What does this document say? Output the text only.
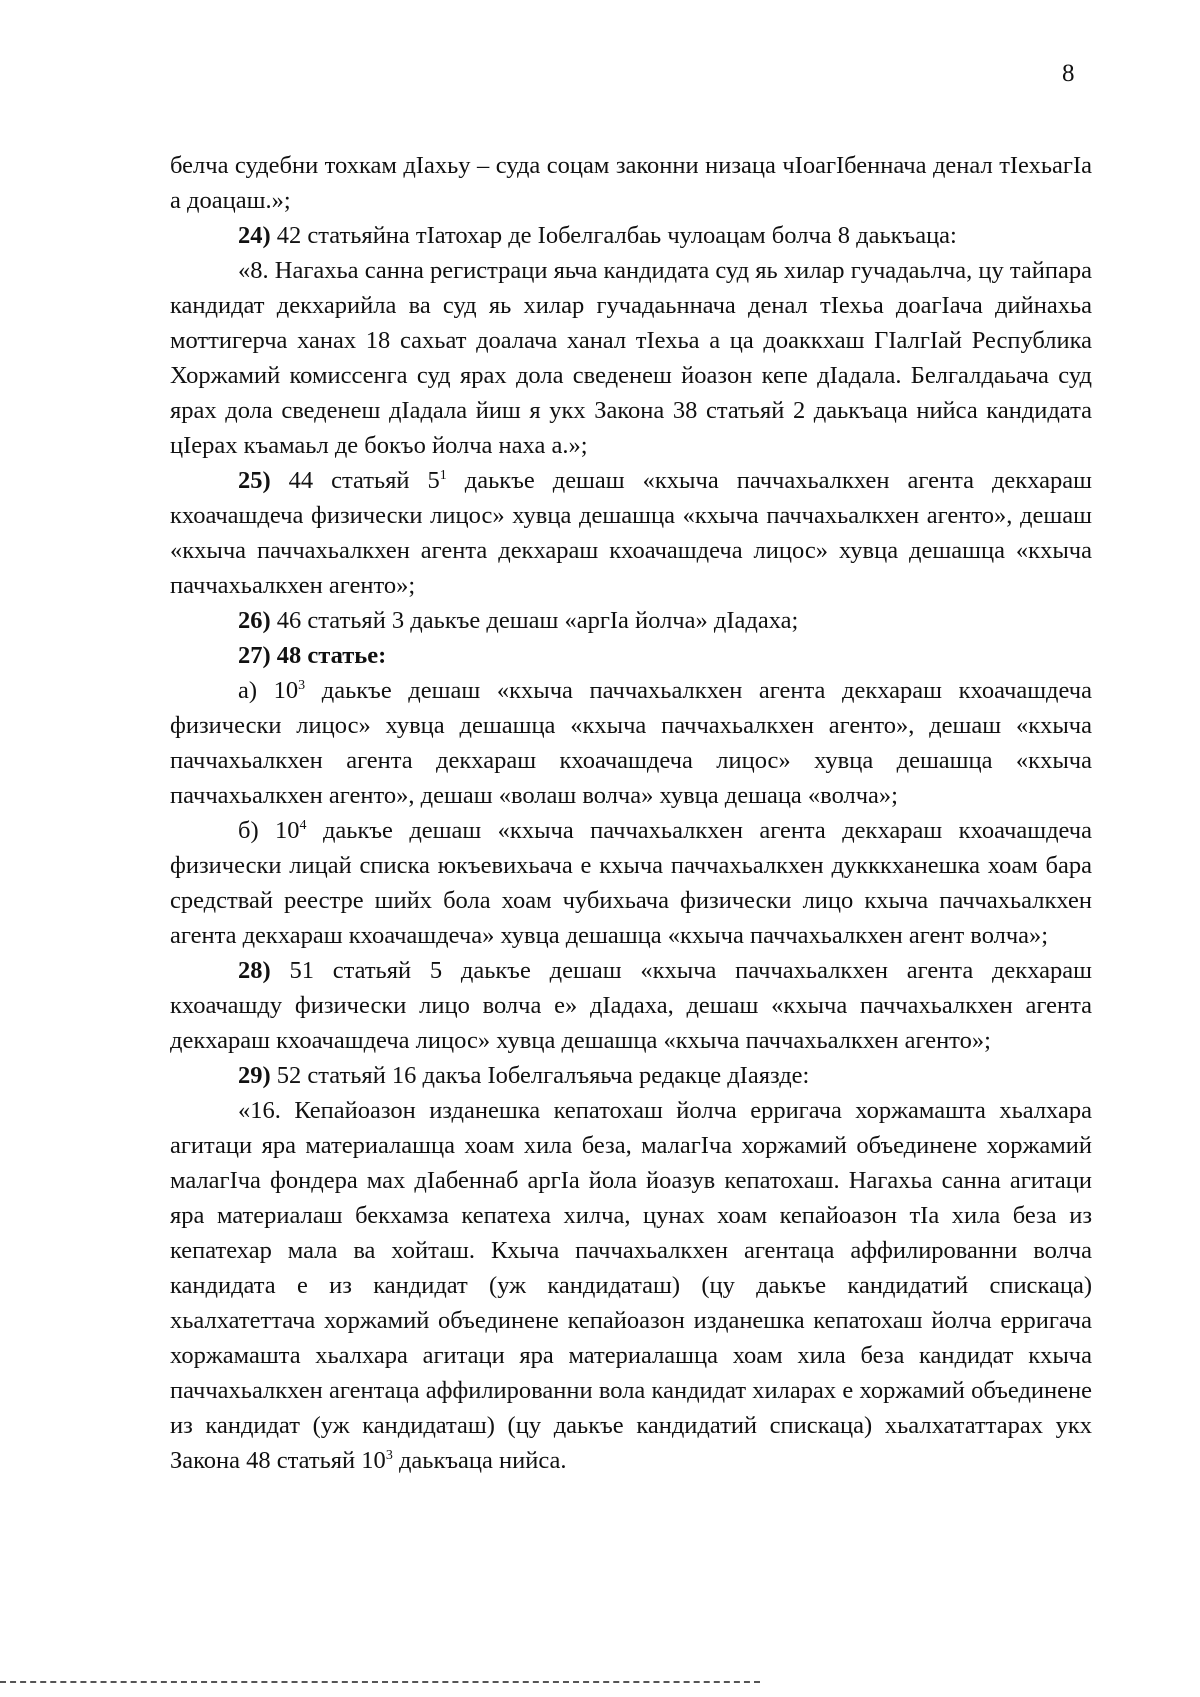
8

белча судебни тохкам дІахьу – суда соцам законни низаца чІоагІбеннача денал тІехьагІа а доацаш.»;

24) 42 статьяйна тІатохар де Іобелгалбаь чулоацам болча 8 даькъаца:

«8. Нагахьа санна регистраци яьча кандидата суд яь хилар гучадаьлча, цу тайпара кандидат декхарийла ва суд яь хилар гучадаьннача денал тІехьа доагІача дийнахьа моттигерча ханах 18 сахьат доалача ханал тІехьа а ца доаккхаш ГІалгІай Республика Хоржамий комиссенга суд ярах дола сведенеш йоазон кепе дІадала. Белгалдаьача суд ярах дола сведенеш дІадала йиш я укх Закона 38 статьяй 2 даькъаца нийса кандидата цІерах къамаьл де бокъо йолча наха а.»;

25) 44 статьяй $5^1$ даькъе дешаш «кхыча паччахьалкхен агента декхараш кхоачашдеча физически лицос» хувца дешашца «кхыча паччахьалкхен агенто», дешаш «кхыча паччахьалкхен агента декхараш кхоачашдеча лицос» хувца дешашца «кхыча паччахьалкхен агенто»;

26) 46 статьяй 3 даькъе дешаш «аргІа йолча» дІадаха;

27) 48 статье:

а) $10^3$ даькъе дешаш «кхыча паччахьалкхен агента декхараш кхоачашдеча физически лицос» хувца дешашца «кхыча паччахьалкхен агенто», дешаш «кхыча паччахьалкхен агента декхараш кхоачашдеча лицос» хувца дешашца «кхыча паччахьалкхен агенто», дешаш «волаш волча» хувца дешаца «волча»;

б) $10^4$ даькъе дешаш «кхыча паччахьалкхен агента декхараш кхоачашдеча физически лицай списка юкъевихьача е кхыча паччахьалкхен дукккханешка хоам бара средствай реестре шийх бола хоам чубихьача физически лицо кхыча паччахьалкхен агента декхараш кхоачашдеча» хувца дешашца «кхыча паччахьалкхен агент волча»;

28) 51 статьяй 5 даькъе дешаш «кхыча паччахьалкхен агента декхараш кхоачашду физически лицо волча е» дІадаха, дешаш «кхыча паччахьалкхен агента декхараш кхоачашдеча лицос» хувца дешашца «кхыча паччахьалкхен агенто»;

29) 52 статьяй 16 дакъа Іобелгалъяьча редакце дІаязде:

«16. Кепайоазон изданешка кепатохаш йолча ерригача хоржамашта хьалхара агитаци яра материалашца хоам хила беза, малагІча хоржамий объединене хоржамий малагІча фондера мах дІабеннаб аргІа йола йоазув кепатохаш. Нагахьа санна агитаци яра материалаш бекхамза кепатеха хилча, цунах хоам кепайоазон тІа хила беза из кепатехар мала ва хойташ. Кхыча паччахьалкхен агентаца аффилированни волча кандидата е из кандидат (уж кандидаташ) (цу даькъе кандидатий спискаца) хьалхатеттача хоржамий объединене кепайоазон изданешка кепатохаш йолча ерригача хоржамашта хьалхара агитаци яра материалашца хоам хила беза кандидат кхыча паччахьалкхен агентаца аффилированни вола кандидат хиларах е хоржамий объединене из кандидат (уж кандидаташ) (цу даькъе кандидатий спискаца) хьалхататтарах укх Закона 48 статьяй $10^3$ даькъаца нийса.
